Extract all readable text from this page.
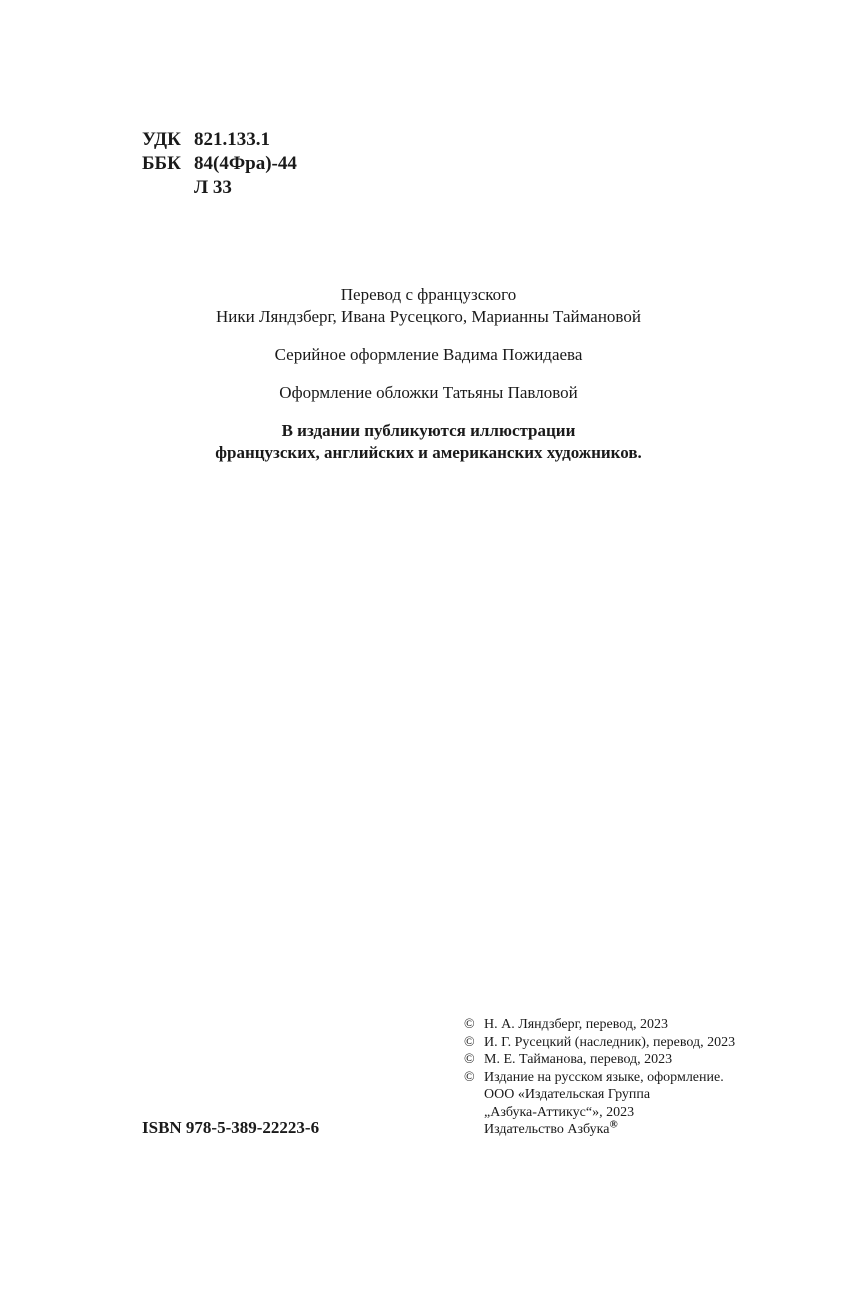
УДК 821.133.1
ББК 84(4Фра)-44
Л 33

Перевод с французского

Ники Ляндзберг, Ивана Русецкого, Марианны Таймановой

Серийное оформление Вадима Пожидаева

Оформление обложки Татьяны Павловой

В издании публикуются иллюстрации

французских, английских и американских художников.

ISBN 978-5-389-22223-6
© Н. А. Ляндзберг, перевод, 2023
© И. Г. Русецкий (наследник), перевод, 2023
© М. Е. Тайманова, перевод, 2023
© Издание на русском языке, оформление.
ООО «Издательская Группа
„Азбука-Аттикус“», 2023
Издательство Азбука®
